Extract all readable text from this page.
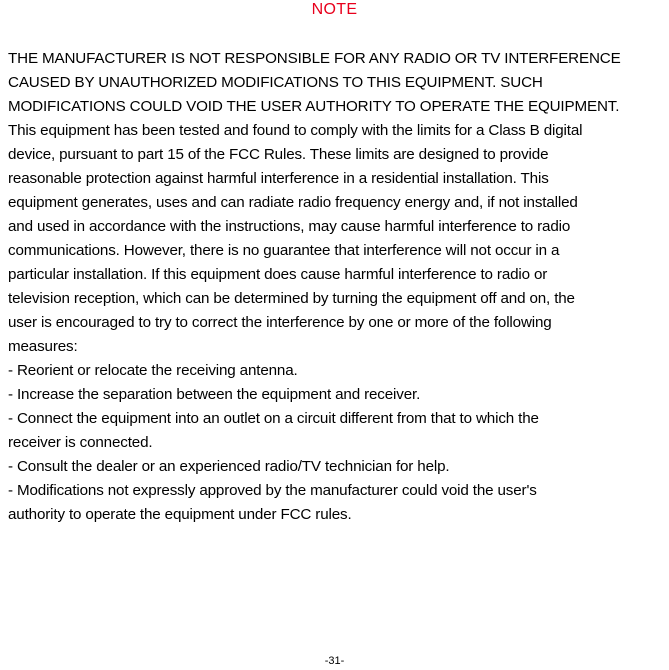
NOTE
THE MANUFACTURER IS NOT RESPONSIBLE FOR ANY RADIO OR TV INTERFERENCE
CAUSED BY UNAUTHORIZED MODIFICATIONS TO THIS EQUIPMENT. SUCH
MODIFICATIONS COULD VOID THE USER AUTHORITY TO OPERATE THE EQUIPMENT.
This equipment has been tested and found to comply with the limits for a Class B digital
device, pursuant to part 15 of the FCC Rules. These limits are designed to provide
reasonable protection against harmful interference in a residential installation. This
equipment generates, uses and can radiate radio frequency energy and, if not installed
and used in accordance with the instructions, may cause harmful interference to radio
communications. However, there is no guarantee that interference will not occur in a
particular installation. If this equipment does cause harmful interference to radio or
television reception, which can be determined by turning the equipment off and on, the
user is encouraged to try to correct the interference by one or more of the following
measures:
- Reorient or relocate the receiving antenna.
- Increase the separation between the equipment and receiver.
- Connect the equipment into an outlet on a circuit different from that to which the
receiver is connected.
- Consult the dealer or an experienced radio/TV technician for help.
- Modifications not expressly approved by the manufacturer could void the user's
authority to operate the equipment under FCC rules.
-31-
